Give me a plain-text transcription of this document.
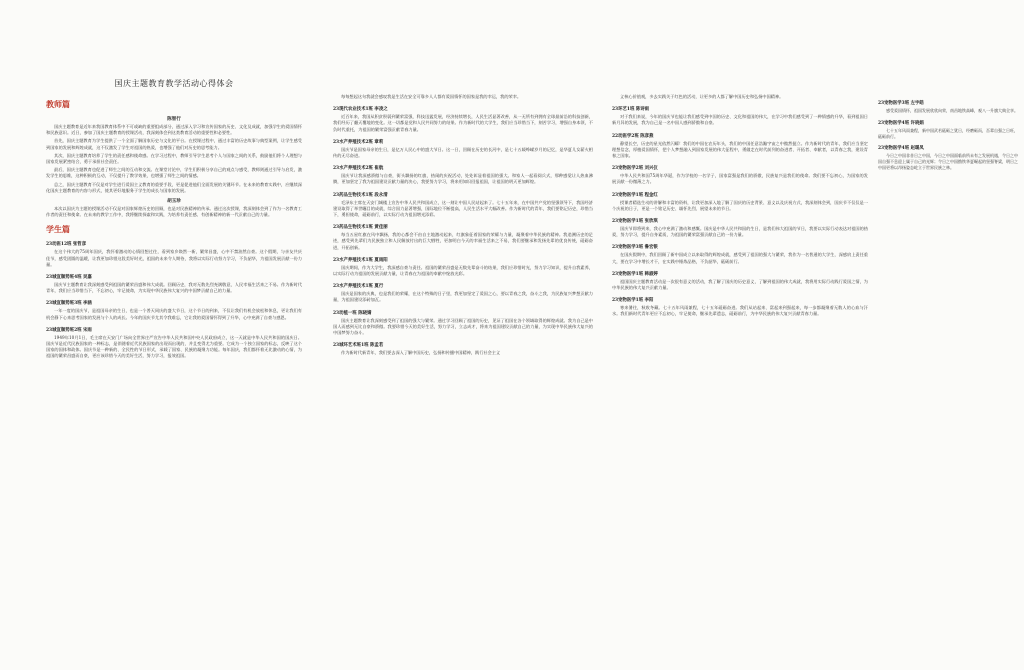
国庆主题教育教学活动心得体会
教师篇
陈智行

国庆主题教育是近年来我国教育体系中不可或缺的重要组成部分，通过深入学习和宣传国家的历史、文化及成就，加强学生的爱国情怀和民族意识。近日，参加了国庆主题教育的授课活动，我深刻体会到这类教育活动的重要性和必要性。

首先，国庆主题教育为学生提供了一个全面了解国家历史与文化的平台。在授课过程中，通过丰富的历史故事与典型案例，让学生感受到国家的发展和辉煌成就，这不仅激发了学生对祖国的热爱，也增强了他们对历史的思考能力。

其次，国庆主题教育培养了学生的责任感和使命感。在学习过程中，教师引导学生思考个人与国家之间的关系，鼓励他们将个人理想与国家发展紧密结合，勇于承担社会责任。

最后，国庆主题教育也促进了师生之间的互动和交流。在课堂讨论中，学生们积极分享自己的观点与感受，教师则通过引导与启发，激发学生的思维，这种积极的互动，不仅提升了教学效果，也增强了师生之间的情感。

总之，国庆主题教育不仅是对学生进行爱国主义教育的重要手段，更是促进他们全面发展的关键环节。在未来的教育实践中，应继续深化国庆主题教育的内容与形式，使其更好地服务于学生的成长与国家的发展。

胡玉珍

本次以国庆为主题的授课活动不仅是对国家辉煌历史的回顾，也是对民族精神的传承。通过这次授课，我深刻体会到了作为一名教育工作者的责任和使命。在未来的教学工作中，我将继续探索和实践，为培养有责任感、有创新精神的新一代贡献自己的力量。

学生篇
23动医12班 张哲彦

在这个伟大的75周年国庆，我怀着激动的心情回想过往，看到家乡焕然一新，繁荣昌盛，心中不禁油然自豪。这个假期，与亲友共庆佳节，感受团圆的温暖，让我更加珍惜这段美好时光，祖国的未来令人期待，我将以实际行动努力学习，不负韶华，为祖国发展贡献一份力量。

23城宣顺势班4班 吴嘉

国庆节主题教育让我深刻感受到祖国的繁荣昌盛和伟大成就。回顾历史，我对无数先烈充满敬意，人民幸福生活来之不易。作为新时代青年，我们应当珍惜当下，不忘初心，牢记使命，为实现中华民族伟大复兴的中国梦贡献自己的力量。

23城宣顺势班3班 李涵

一年一度的国庆节，是祖国母亲的生日，也是一个普天同庆的盛大节日，这个节日的到来，不仅让我们有机会放松和休息，更让我们有机会静下心来思考国家的发展与个人的成长。今年的国庆节尤其令我难忘，它让我的爱国情怀得到了升华，心中充满了自豪与感恩。

23城宣顺势班2班 宋雨

1949年10月1日，毛主席在天安门广场向全世界庄严宣告中华人民共和国中央人民政府成立，这一天就是中华人民共和国的国庆日。国庆节是近代民族国家的一种标志，是伴随着近代民族国家的出现而出现的，并且变得尤为重要。它成为一个独立国家的标志，反映了这个国家的国体和政体。国庆节是一种新的、全民性的节日形式，承载了国家、民族的凝聚力功能。每年国庆，我们都怀着无比激动的心情，为祖国的繁荣昌盛而自豪，更应该珍惜今天的美好生活，努力学习，报效祖国。

每每想起这句我就会感叹我是生活在安全可靠多人人都有爱国情怀的国家是我的幸运，我的荣幸。

23现代农业技术1班 李凌之

近百年来，我国从积贫积弱到繁荣富强，科技迅猛发展，经济持续增长，人民生活显著改善，从一无所有到拥有全球最前沿的科技创新，我们经历了翻天覆地的变化。这一切都是党和人民共同努力的结果。作为新时代的大学生，我们应当珍惜当下，刻苦学习，增强自身本领，不负时代重托，为祖国的繁荣富强贡献青春力量。

23水产养殖技术2班 章莉

国庆节是国家母亲的生日，是亿万人民心中的盛大节日。这一日，回顾在历史的长河中，是七十五载峥嵘岁月的记忆，是华夏儿女薪火相传的无尽奋进。

23水产养殖技术2班 崔航

国庆节让我深感骄傲与自豪，街头飘扬的红旗，热闹的庆祝活动，处处彰显着祖国的强大。和家人一起看阅兵式，那种感觉让人热血沸腾，更加坚定了我为祖国建设贡献力量的决心，我要努力学习，将来用知识回报祖国，让祖国的明天更加辉煌。

23药品生物技术1班 段永清

毛泽东主席在天安门城楼上宣告中华人民共和国成立，这一刻让中国人民站起来了。七十五年来，在中国共产党的坚强领导下，我国经济建设取得了举世瞩目的成就，综合国力显著增强，国际地位不断提高，人民生活水平大幅改善。作为新时代的青年，我们要铭记历史，珍惜当下，勇担使命，砥砺前行，以实际行动为祖国增光添彩。

23药品生物技术1班 黄佳丽

每当五星红旗在风中飘扬，我的心都会不由自主地激动起来，红旗象征着国家的荣耀与力量，凝聚着中华民族的精神。我追溯历史的足迹，感受到先辈们为民族独立和人民解放付出的巨大牺牲，更加明白今天的幸福生活来之不易，我们要继承和发扬先辈的优良传统，砥砺奋进，开拓创新。

23水产养殖技术1班 夏雨阳

国庆期间，作为大学生，我深感自豪与责任。祖国的繁荣昌盛是无数先辈奋斗的结果，我们应珍惜时光，努力学习知识，提升自我素养，以实际行动为祖国的发展贡献力量，让青春在为祖国的奉献中绽放光彩。

23水产养殖技术1班 夏行

国庆是国家的庆典，也是我们的荣耀，在这个特殊的日子里，我更加坚定了爱国之心，要以青春之我，奋斗之我，为民族复兴梦想贡献力量，为祖国建设添砖加瓦。

23动植一班 陈晓婧

国庆主题教育让我深刻感受到了祖国的强大与繁荣。通过学习回顾了祖国的历史，见证了祖国在各个领域取得的辉煌成就。我为自己是中国人而感到无比自豪和骄傲。我要珍惜今天的美好生活，努力学习，立志成才，将来为祖国建设贡献自己的力量，为实现中华民族伟大复兴的中国梦努力奋斗。

23城环艺术班1班 陈孟若

作为新时代新青年，我们要去深入了解中国历史，弘扬和传播中国精神，践行社会主义

义核心价值观，多去实践关于红色的活动，让更多的人都了解中国历史和弘扬中国精神。

23环艺1班 陈诗雨

对于我们来说，今年的国庆节也能让我们感受到中国的历史、文化和祖国的伟大，在学习中我们感受到了一种情感的升华，看到祖国日新月异的发展，我为自己是一名中国人感到骄傲和自豪。

22动医学2班 陈彦燕

静望长空，历史的星光依然闪耀！我们的中国在农历年头，我们的中国任意浩瀚宇宙之中傲然挺立。作为新时代的青年，我们应当坚定理想信念，厚植爱国情怀，把个人梦想融入到国家发展的伟大征程中，勇做走在时代前列的奋进者、开拓者、奉献者，以青春之我，建设青春之国家。

23宠物医学2班 刘兴仪

中华人民共和国75周年华诞，作为学校的一名学子，国家富强是我们的骄傲，民族复兴是我们的使命。我们要不忘初心，为国家的发展贡献一份微薄之力。

23宠物医学1班 程金红

授课者精选生动的讲解和丰富的资料，让我更加深入地了解了国庆的历史背景、意义以及庆祝方式，我深刻体会到，国庆节不仅仅是一个庆祝的日子，更是一个铭记历史、缅怀先烈、展望未来的节日。

23宠物医学1班 张欣琪

国庆节即将到来，我心中充满了激动和感慨。国庆是中华人民共和国的生日，是我们伟大祖国的节日，我要以实际行动表达对祖国的热爱，努力学习，提升自身素质，为祖国的繁荣富强贡献自己的一份力量。

23宠物医学3班 鲁宏银

在国庆假期中，我们回顾了新中国成立以来取得的辉煌成就，感受到了祖国的强大与繁荣，我作为一名普通的大学生，深感肩上责任重大，要在学习中增长才干，在实践中锤炼品格，不负韶华，砥砺前行。

23宠物医学1班 韩淑婷

祖国国庆主题教育活动是一次很有意义的活动，我了解了国庆的历史意义，了解到祖国的伟大成就，我将用实际行动践行爱国之情，为中华民族的伟大复兴贡献力量。

23宠物医学1班 李阳

寒来暑往，秋收冬藏。七十五年风雨兼程，七十五年砥砺奋进。我们从站起来、富起来到强起来，每一步都凝聚着无数人的心血与汗水。我们新时代青年更应不忘初心，牢记使命，继承先辈遗志，砥砺前行，为中华民族的伟大复兴贡献青春力量。

23宠物医学3班 左宇皓

感受爱国情怀，祖国发展欣欣向荣，南昌地铁高峰，观八一升旗大典全享。

23宠物医学4班 许晓娟

七十五年风雨兼程，新中国武若砥砺之犹日，经磨砺而，吾辈自强之日旺，砥砺前行。

23宠物医学4班 赵璐凤

今日之中国非昔日之中国，今日之中国面临前所未有之发展机遇，令日之中国自强不息迎上属于自己的光辉；令日之中国撸铁华夏崛起的坚强脊梁，明日之中国更将以昂扬姿态屹立于世界民族之林。
